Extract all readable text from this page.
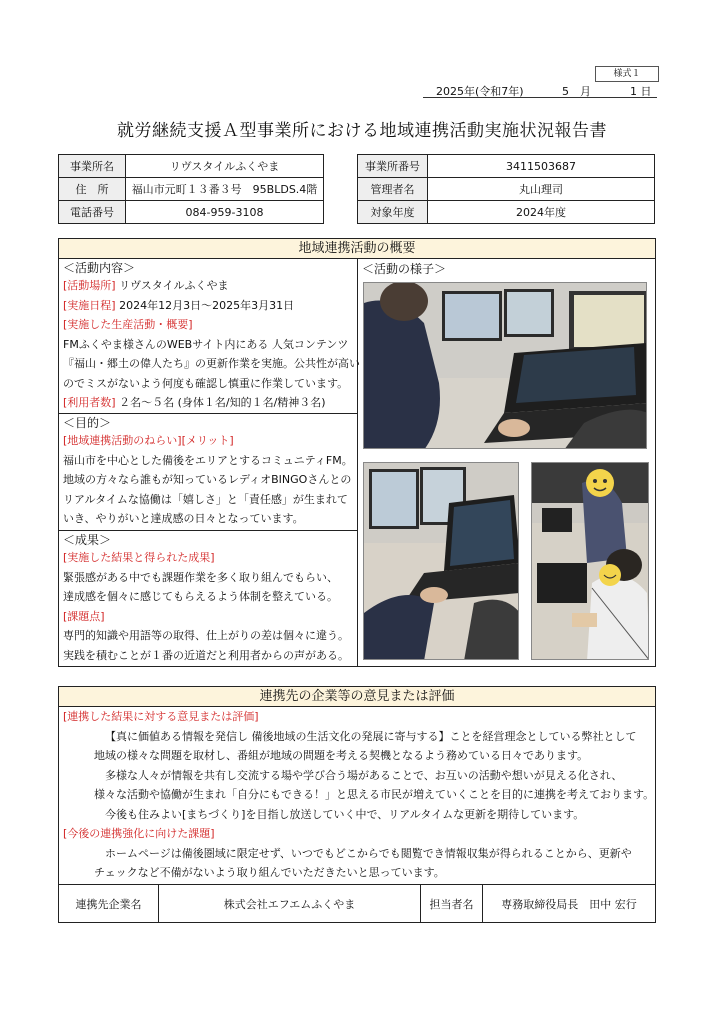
様式１
2025年(令和7年)	5　月	1 日
就労継続支援Ａ型事業所における地域連携活動実施状況報告書
事業所名	リヴスタイルふくやま
住　所	福山市元町１３番３号　95BLDS.4階
電話番号	084-959-3108
事業所番号	3411503687
管理者名	丸山理司
対象年度	2024年度
地域連携活動の概要
＜活動内容＞
[活動場所] リヴスタイルふくやま
[実施日程] 2024年12月3日～2025年3月31日
[実施した生産活動・概要]
FMふくやま様さんのWEBサイト内にある 人気コンテンツ
『福山・郷土の偉人たち』の更新作業を実施。公共性が高い
のでミスがないよう何度も確認し慎重に作業しています。
[利用者数] ２名～５名 (身体１名/知的１名/精神３名)
＜目的＞
[地域連携活動のねらい][メリット]
福山市を中心とした備後をエリアとするコミュニティFM。
地域の方々なら誰もが知っているレディオBINGOさんとの
リアルタイムな協働は「嬉しさ」と「責任感」が生まれて
いき、やりがいと達成感の日々となっています。
＜成果＞
[実施した結果と得られた成果]
緊張感がある中でも課題作業を多く取り組んでもらい、
達成感を個々に感じてもらえるよう体制を整えている。
[課題点]
専門的知識や用語等の取得、仕上がりの差は個々に違う。
実践を積むことが１番の近道だと利用者からの声がある。
＜活動の様子＞
連携先の企業等の意見または評価
[連携した結果に対する意見または評価]
【真に価値ある情報を発信し 備後地域の生活文化の発展に寄与する】ことを経営理念としている弊社として
地域の様々な問題を取材し、番組が地域の問題を考える契機となるよう務めている日々であります。
多様な人々が情報を共有し交流する場や学び合う場があることで、お互いの活動や想いが見える化され、
様々な活動や協働が生まれ「自分にもできる！」と思える市民が増えていくことを目的に連携を考えております。
今後も住みよい[まちづくり]を目指し放送していく中で、リアルタイムな更新を期待しています。
[今後の連携強化に向けた課題]
ホームページは備後圏域に限定せず、いつでもどこからでも閲覧でき情報収集が得られることから、更新や
チェックなど不備がないよう取り組んでいただきたいと思っています。
連携先企業名	株式会社エフエムふくやま	担当者名	専務取締役局長　田中 宏行
